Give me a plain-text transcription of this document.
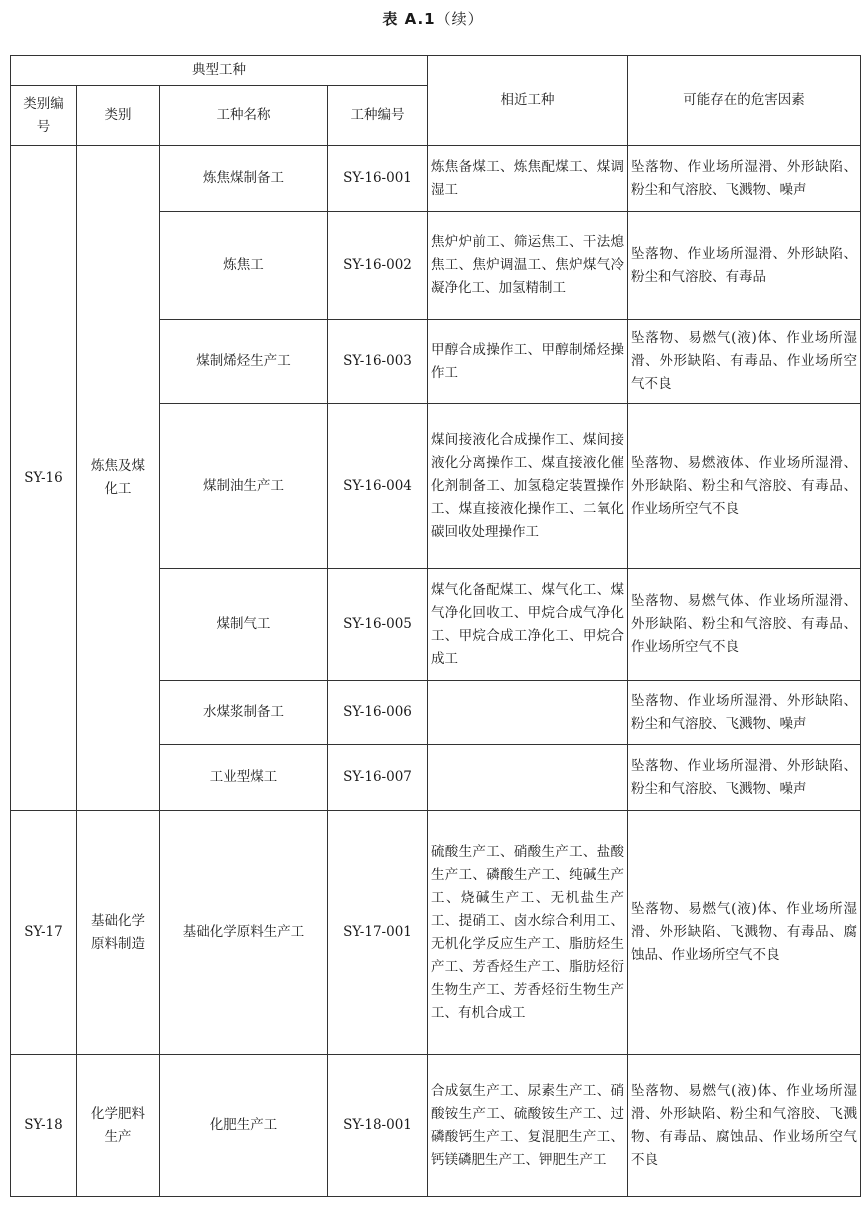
表 A.1（续）
典型工种				相近工种	可能存在的危害因素
类别编号	类别	工种名称	工种编号		
SY-16	炼焦及煤化工	炼焦煤制备工	SY-16-001	炼焦备煤工、炼焦配煤工、煤调湿工	坠落物、作业场所湿滑、外形缺陷、粉尘和气溶胶、飞溅物、噪声
		炼焦工	SY-16-002	焦炉炉前工、筛运焦工、干法熄焦工、焦炉调温工、焦炉煤气冷凝净化工、加氢精制工	坠落物、作业场所湿滑、外形缺陷、粉尘和气溶胶、有毒品
		煤制烯烃生产工	SY-16-003	甲醇合成操作工、甲醇制烯烃操作工	坠落物、易燃气(液)体、作业场所湿滑、外形缺陷、有毒品、作业场所空气不良
		煤制油生产工	SY-16-004	煤间接液化合成操作工、煤间接液化分离操作工、煤直接液化催化剂制备工、加氢稳定装置操作工、煤直接液化操作工、二氧化碳回收处理操作工	坠落物、易燃液体、作业场所湿滑、外形缺陷、粉尘和气溶胶、有毒品、作业场所空气不良
		煤制气工	SY-16-005	煤气化备配煤工、煤气化工、煤气净化回收工、甲烷合成气净化工、甲烷合成工净化工、甲烷合成工	坠落物、易燃气体、作业场所湿滑、外形缺陷、粉尘和气溶胶、有毒品、作业场所空气不良
		水煤浆制备工	SY-16-006		坠落物、作业场所湿滑、外形缺陷、粉尘和气溶胶、飞溅物、噪声
		工业型煤工	SY-16-007		坠落物、作业场所湿滑、外形缺陷、粉尘和气溶胶、飞溅物、噪声
SY-17	基础化学原料制造	基础化学原料生产工	SY-17-001	硫酸生产工、硝酸生产工、盐酸生产工、磷酸生产工、纯碱生产工、烧碱生产工、无机盐生产工、提硝工、卤水综合利用工、无机化学反应生产工、脂肪烃生产工、芳香烃生产工、脂肪烃衍生物生产工、芳香烃衍生物生产工、有机合成工	坠落物、易燃气(液)体、作业场所湿滑、外形缺陷、飞溅物、有毒品、腐蚀品、作业场所空气不良
SY-18	化学肥料生产	化肥生产工	SY-18-001	合成氨生产工、尿素生产工、硝酸铵生产工、硫酸铵生产工、过磷酸钙生产工、复混肥生产工、钙镁磷肥生产工、钾肥生产工	坠落物、易燃气(液)体、作业场所湿滑、外形缺陷、粉尘和气溶胶、飞溅物、有毒品、腐蚀品、作业场所空气不良
